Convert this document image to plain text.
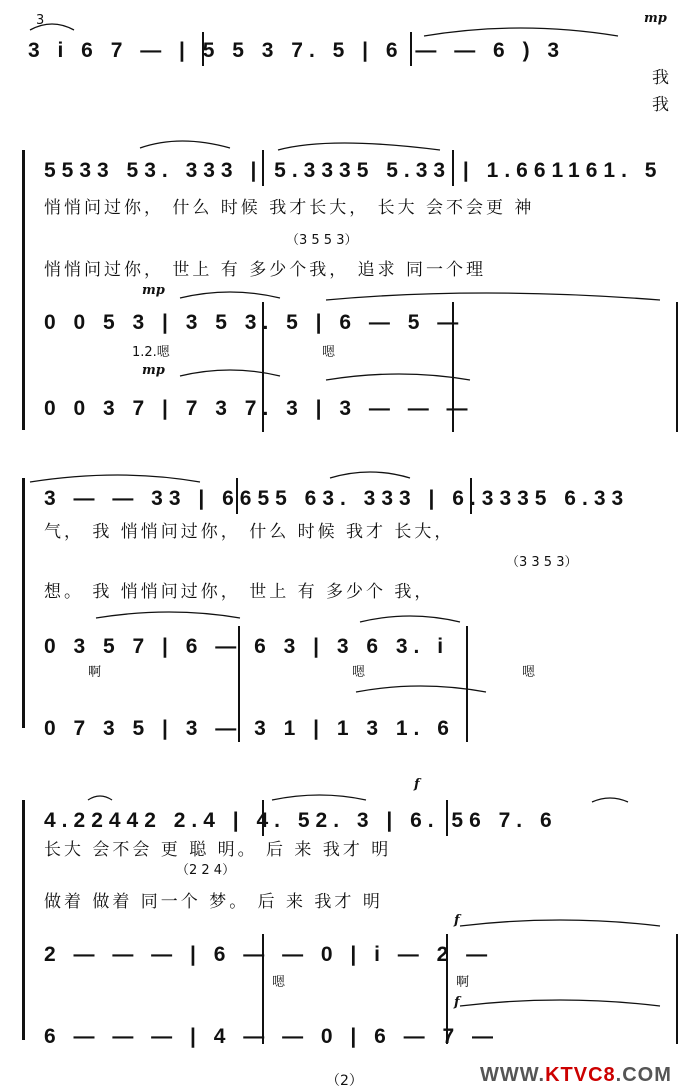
3
3 i 6 7 — | 5 5 3 7. 5 | 6 — — 6 ) 3
mp
我
我
5533 53. 333 | 5.3335 5.33 | 1.661161. 5
悄悄问过你， 什么 时候 我才长大， 长大 会不会更 神
（3 5 5 3）
悄悄问过你， 世上 有 多少个我， 追求 同一个理
mp
0 0 5 3 | 3 5 3. 5 | 6 — 5 —
1.2.嗯	嗯
mp
0 0 3 7 | 7 3 7. 3 | 3 — — —
3 — — 33 | 6655 63. 333 | 6.3335 6.33
气， 我 悄悄问过你， 什么 时候 我才 长大，
（3 3 5 3）
想。 我 悄悄问过你， 世上 有 多少个 我，
0 3 5 7 | 6 — 6 3 | 3 6 3. i
啊	嗯	嗯
0 7 3 5 | 3 — 3 1 | 1 3 1. 6
f
4.22442 2.4 | 4. 52. 3 | 6. 56 7. 6
长大 会不会 更 聪 明。 后 来 我才 明
（2 2 4）
做着 做着 同一个 梦。 后 来 我才 明
f
2 — — — | 6 — — 0 | i — 2 —
嗯	啊
f
6 — — — | 4 — — 0 | 6 — 7 —
（2）	WWW.KTVC8.COM
